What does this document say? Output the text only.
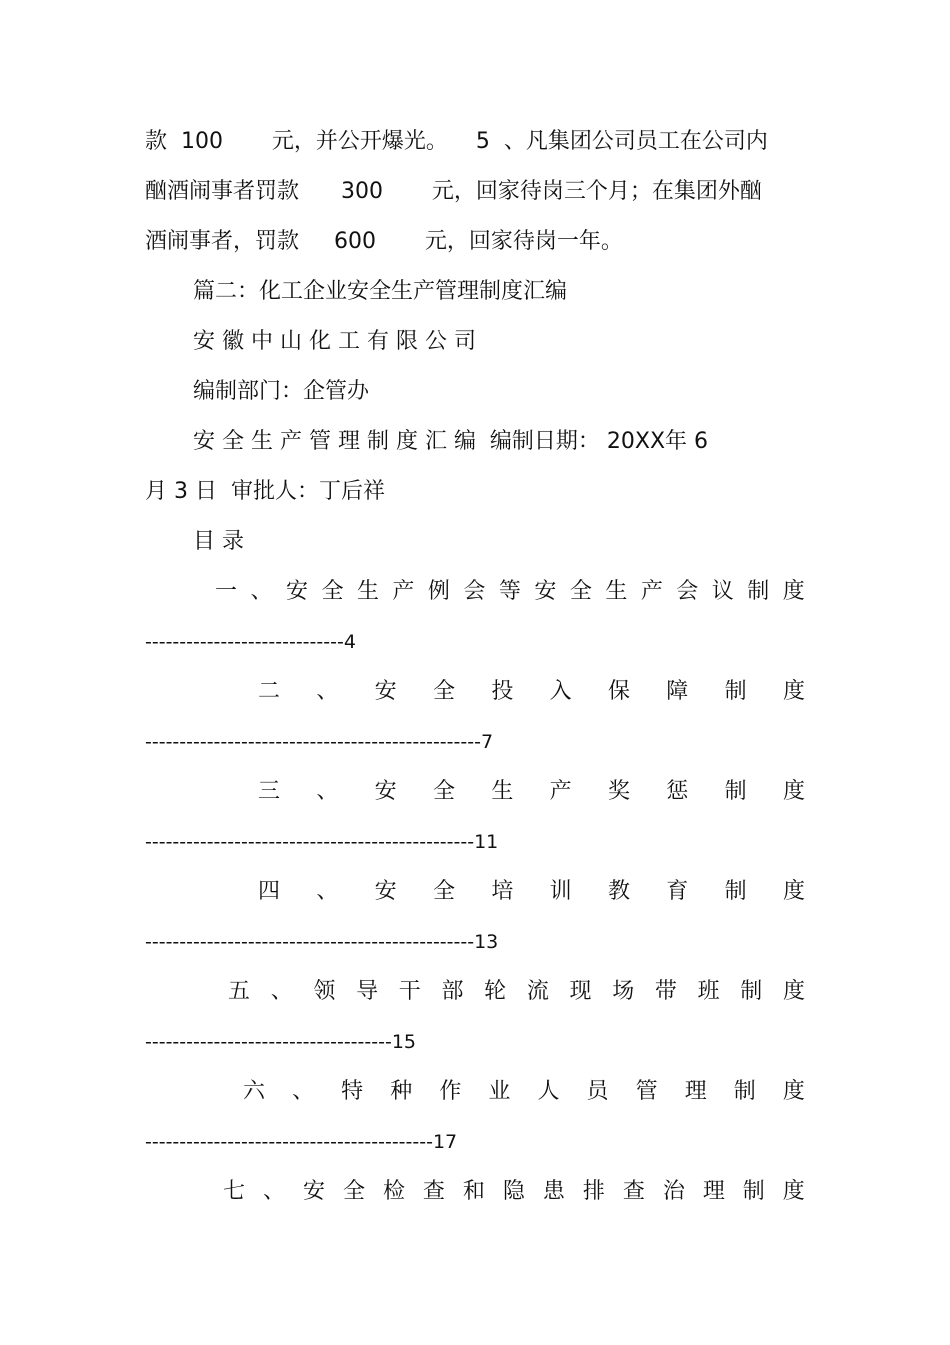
款  100       元，并公开爆光。    5  、凡集团公司员工在公司内
酗酒闹事者罚款      300       元，回家待岗三个月；在集团外酗
酒闹事者，罚款     600       元，回家待岗一年。
篇二：化工企业安全生产管理制度汇编
安 徽 中 山 化 工 有 限 公 司
编制部门：企管办
安 全 生 产 管 理 制 度 汇 编  编制日期： 20XX年 6
月 3 日  审批人：丁后祥
目 录
一 、 安 全 生 产 例 会 等 安 全 生 产 会 议 制 度
-----------------------------4
二 、 安 全 投 入 保 障 制 度
-------------------------------------------------7
三 、 安 全 生 产 奖 惩 制 度
------------------------------------------------11
四 、 安 全 培 训 教 育 制 度
------------------------------------------------13
五 、 领 导 干 部 轮 流 现 场 带 班 制 度
------------------------------------15
六 、 特 种 作 业 人 员 管 理 制 度
------------------------------------------17
七 、 安 全 检 查 和 隐 患 排 查 治 理 制 度
